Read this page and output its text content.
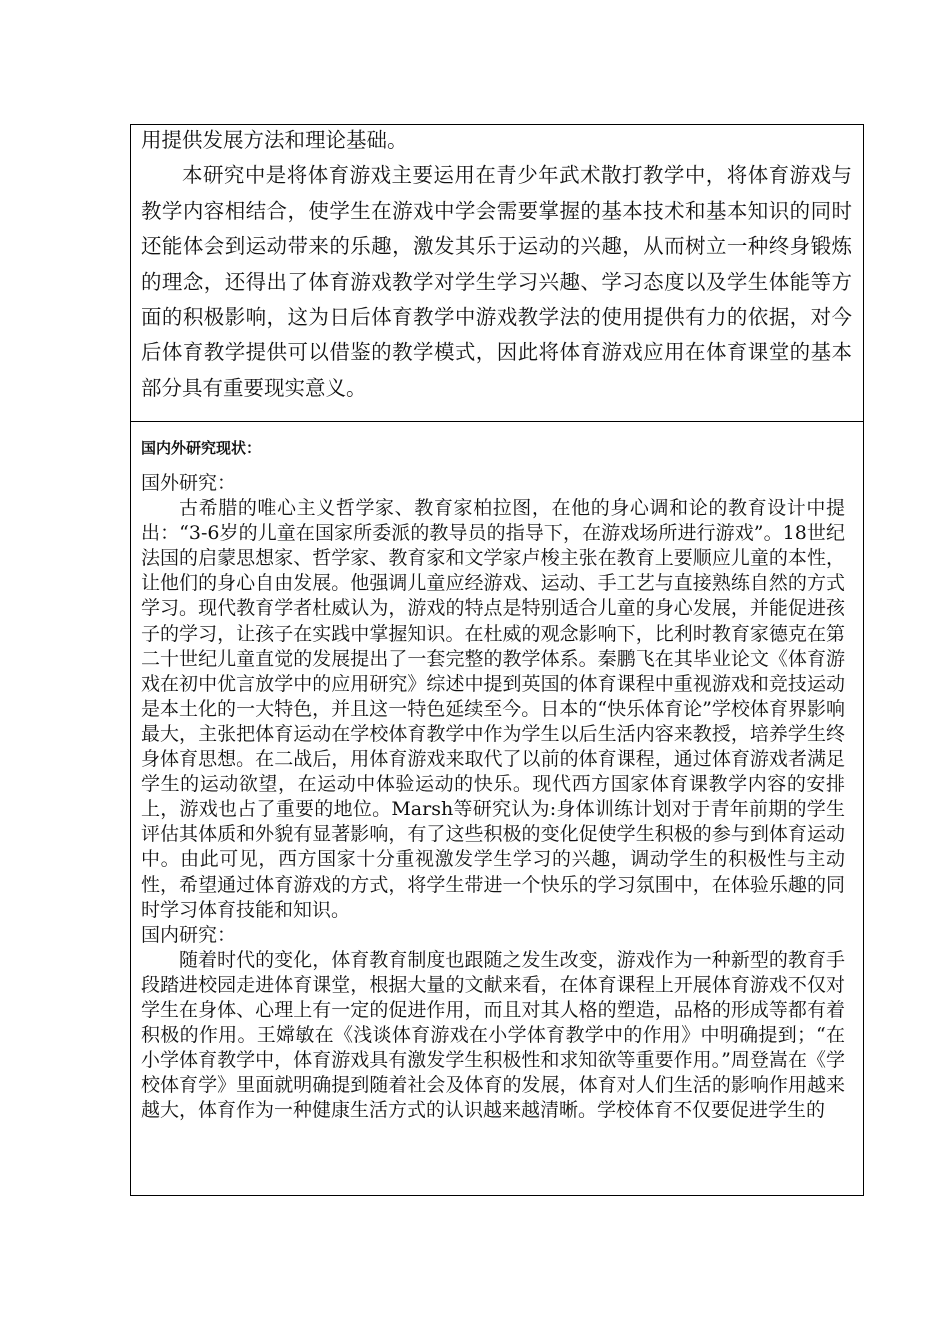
用提供发展方法和理论基础。

本研究中是将体育游戏主要运用在青少年武术散打教学中，将体育游戏与教学内容相结合，使学生在游戏中学会需要掌握的基本技术和基本知识的同时还能体会到运动带来的乐趣，激发其乐于运动的兴趣，从而树立一种终身锻炼的理念，还得出了体育游戏教学对学生学习兴趣、学习态度以及学生体能等方面的积极影响，这为日后体育教学中游戏教学法的使用提供有力的依据，对今后体育教学提供可以借鉴的教学模式，因此将体育游戏应用在体育课堂的基本部分具有重要现实意义。

国内外研究现状：

国外研究：

古希腊的唯心主义哲学家、教育家柏拉图，在他的身心调和论的教育设计中提出：“3-6岁的儿童在国家所委派的教导员的指导下，在游戏场所进行游戏”。18世纪法国的启蒙思想家、哲学家、教育家和文学家卢梭主张在教育上要顺应儿童的本性，让他们的身心自由发展。他强调儿童应经游戏、运动、手工艺与直接熟练自然的方式学习。现代教育学者杜威认为，游戏的特点是特别适合儿童的身心发展，并能促进孩子的学习，让孩子在实践中掌握知识。在杜威的观念影响下，比利时教育家德克在第二十世纪儿童直觉的发展提出了一套完整的教学体系。秦鹏飞在其毕业论文《体育游戏在初中优言放学中的应用研究》综述中提到英国的体育课程中重视游戏和竞技运动是本土化的一大特色，并且这一特色延续至今。日本的“快乐体育论”学校体育界影响最大，主张把体育运动在学校体育教学中作为学生以后生活内容来教授，培养学生终身体育思想。在二战后，用体育游戏来取代了以前的体育课程，通过体育游戏者满足学生的运动欲望，在运动中体验运动的快乐。现代西方国家体育课教学内容的安排上，游戏也占了重要的地位。Marsh等研究认为:身体训练计划对于青年前期的学生评估其体质和外貌有显著影响，有了这些积极的变化促使学生积极的参与到体育运动中。由此可见，西方国家十分重视激发学生学习的兴趣，调动学生的积极性与主动性，希望通过体育游戏的方式，将学生带进一个快乐的学习氛围中，在体验乐趣的同时学习体育技能和知识。

国内研究：

随着时代的变化，体育教育制度也跟随之发生改变，游戏作为一种新型的教育手段踏进校园走进体育课堂，根据大量的文献来看，在体育课程上开展体育游戏不仅对学生在身体、心理上有一定的促进作用，而且对其人格的塑造，品格的形成等都有着积极的作用。王嫦敏在《浅谈体育游戏在小学体育教学中的作用》中明确提到；“在小学体育教学中，体育游戏具有激发学生积极性和求知欲等重要作用。”周登嵩在《学校体育学》里面就明确提到随着社会及体育的发展，体育对人们生活的影响作用越来越大，体育作为一种健康生活方式的认识越来越清晰。学校体育不仅要促进学生的
